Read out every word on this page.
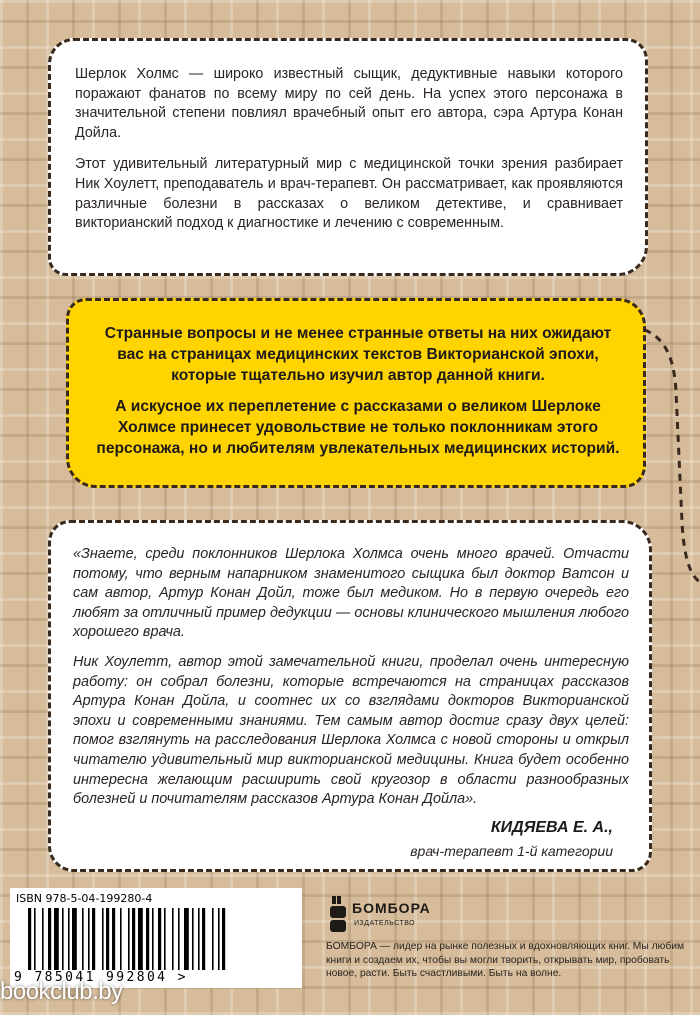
Шерлок Холмс — широко известный сыщик, дедуктивные навыки которого поражают фанатов по всему миру по сей день. На успех этого персонажа в значительной степени повлиял врачебный опыт его автора, сэра Артура Конан Дойла.

Этот удивительный литературный мир с медицинской точки зрения разбирает Ник Хоулетт, преподаватель и врач-терапевт. Он рассматривает, как проявляются различные болезни в рассказах о великом детективе, и сравнивает викторианский подход к диагностике и лечению с современным.

Странные вопросы и не менее странные ответы на них ожидают вас на страницах медицинских текстов Викторианской эпохи, которые тщательно изучил автор данной книги.

А искусное их переплетение с рассказами о великом Шерлоке Холмсе принесет удовольствие не только поклонникам этого персонажа, но и любителям увлекательных медицинских историй.

«Знаете, среди поклонников Шерлока Холмса очень много врачей. Отчасти потому, что верным напарником знаменитого сыщика был доктор Ватсон и сам автор, Артур Конан Дойл, тоже был медиком. Но в первую очередь его любят за отличный пример дедукции — основы клинического мышления любого хорошего врача.

Ник Хоулетт, автор этой замечательной книги, проделал очень интересную работу: он собрал болезни, которые встречаются на страницах рассказов Артура Конан Дойла, и соотнес их со взглядами докторов Викторианской эпохи и современными знаниями. Тем самым автор достиг сразу двух целей: помог взглянуть на расследования Шерлока Холмса с новой стороны и открыл читателю удивительный мир викторианской медицины. Книга будет особенно интересна желающим расширить свой кругозор в области разнообразных болезней и почитателям рассказов Артура Конан Дойла».

КИДЯЕВА Е. А.,
врач-терапевт 1-й категории
ISBN 978-5-04-199280-4
9 785041 992804 >
БОМБОРА
ИЗДАТЕЛЬСТВО
БОМБОРА — лидер на рынке полезных и вдохновляющих книг. Мы любим книги и создаем их, чтобы вы могли творить, открывать мир, пробовать новое, расти. Быть счастливыми. Быть на волне.
bookclub.by
